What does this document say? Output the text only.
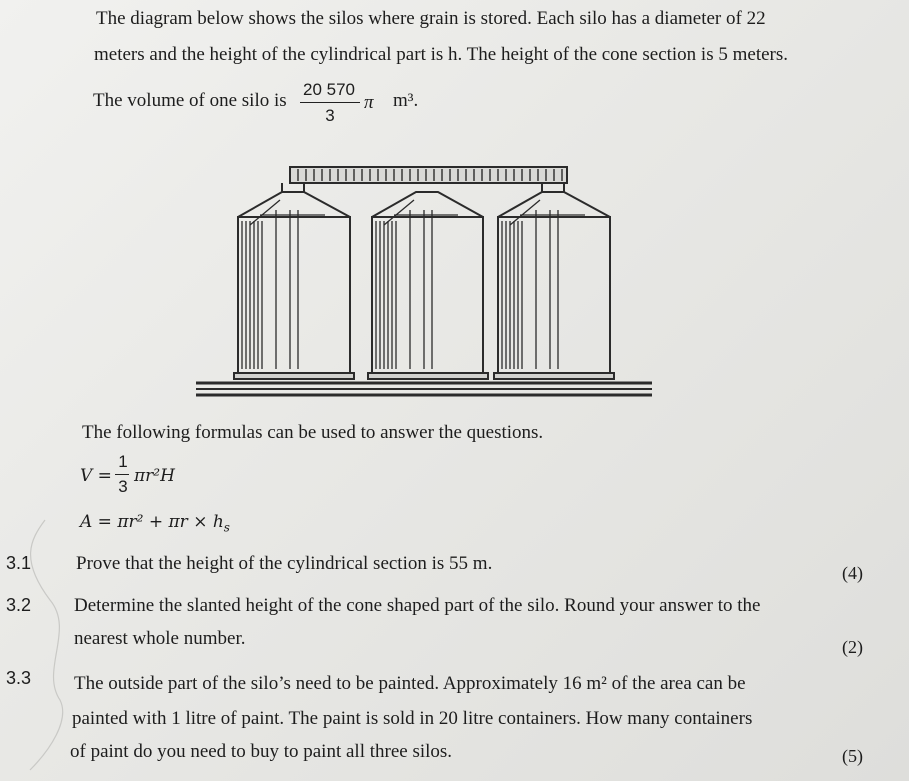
The diagram below shows the silos where grain is stored. Each silo has a diameter of 22
meters and the height of the cylindrical part is h. The height of the cone section is 5 meters.
The volume of one silo is
20 570
3
π m³.
The following formulas can be used to answer the questions.
V =
1
3
πr²H
$A = \pi r^2 + \pi r \times h_s$
3.1 Prove that the height of the cylindrical section is 55 m.	(4)
3.2 Determine the slanted height of the cone shaped part of the silo. Round your answer to the
nearest whole number.	(2)
3.3 The outside part of the silo’s need to be painted. Approximately 16 m² of the area can be
painted with 1 litre of paint. The paint is sold in 20 litre containers. How many containers
of paint do you need to buy to paint all three silos.	(5)
